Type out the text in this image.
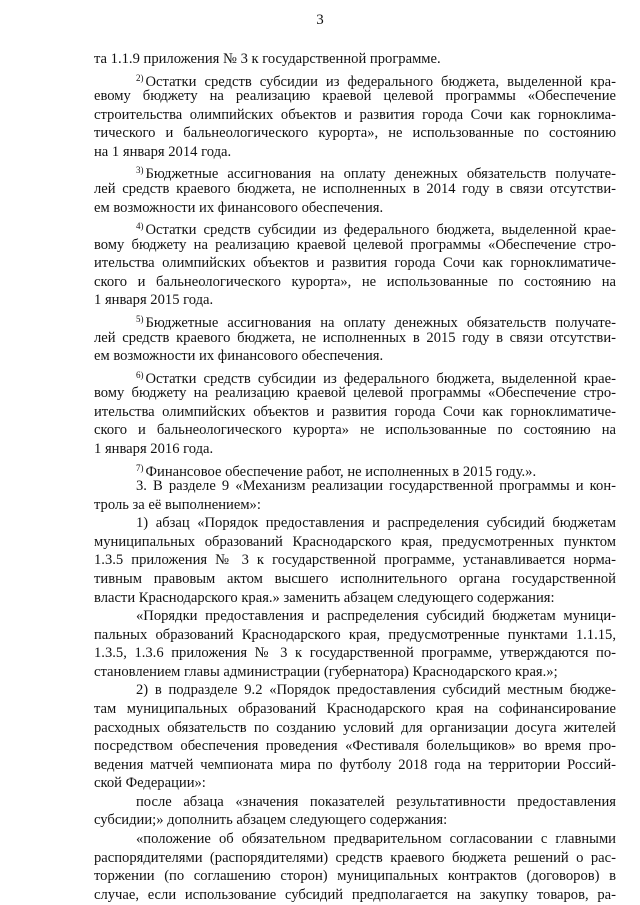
3
та 1.1.9 приложения № 3 к государственной программе.
$^{2)}$ Остатки средств субсидии из федерального бюджета, выделенной кра-
евому бюджету на реализацию краевой целевой программы «Обеспечение
строительства олимпийских объектов и развития города Сочи как горноклима-
тического и бальнеологического курорта», не использованные по состоянию
на 1 января 2014 года.
$^{3)}$ Бюджетные ассигнования на оплату денежных обязательств получате-
лей средств краевого бюджета, не исполненных в 2014 году в связи отсутстви-
ем возможности их финансового обеспечения.
$^{4)}$ Остатки средств субсидии из федерального бюджета, выделенной крае-
вому бюджету на реализацию краевой целевой программы «Обеспечение стро-
ительства олимпийских объектов и развития города Сочи как горноклиматиче-
ского и бальнеологического курорта», не использованные по состоянию на
1 января 2015 года.
$^{5)}$ Бюджетные ассигнования на оплату денежных обязательств получате-
лей средств краевого бюджета, не исполненных в 2015 году в связи отсутстви-
ем возможности их финансового обеспечения.
$^{6)}$ Остатки средств субсидии из федерального бюджета, выделенной крае-
вому бюджету на реализацию краевой целевой программы «Обеспечение стро-
ительства олимпийских объектов и развития города Сочи как горноклиматиче-
ского и бальнеологического курорта» не использованные по состоянию на
1 января 2016 года.
$^{7)}$ Финансовое обеспечение работ, не исполненных в 2015 году.».
3. В разделе 9 «Механизм реализации государственной программы и кон-
троль за её выполнением»:
1) абзац «Порядок предоставления и распределения субсидий бюджетам
муниципальных образований Краснодарского края, предусмотренных пунктом
1.3.5 приложения № 3 к государственной программе, устанавливается норма-
тивным правовым актом высшего исполнительного органа государственной
власти Краснодарского края.» заменить абзацем следующего содержания:
«Порядки предоставления и распределения субсидий бюджетам муници-
пальных образований Краснодарского края, предусмотренные пунктами 1.1.15,
1.3.5, 1.3.6 приложения № 3 к государственной программе, утверждаются по-
становлением главы администрации (губернатора) Краснодарского края.»;
2) в подразделе 9.2 «Порядок предоставления субсидий местным бюдже-
там муниципальных образований Краснодарского края на софинансирование
расходных обязательств по созданию условий для организации досуга жителей
посредством обеспечения проведения «Фестиваля болельщиков» во время про-
ведения матчей чемпионата мира по футболу 2018 года на территории Россий-
ской Федерации»:
после абзаца «значения показателей результативности предоставления
субсидии;» дополнить абзацем следующего содержания:
«положение об обязательном предварительном согласовании с главными
распорядителями (распорядителями) средств краевого бюджета решений о рас-
торжении (по соглашению сторон) муниципальных контрактов (договоров) в
случае, если использование субсидий предполагается на закупку товаров, ра-
